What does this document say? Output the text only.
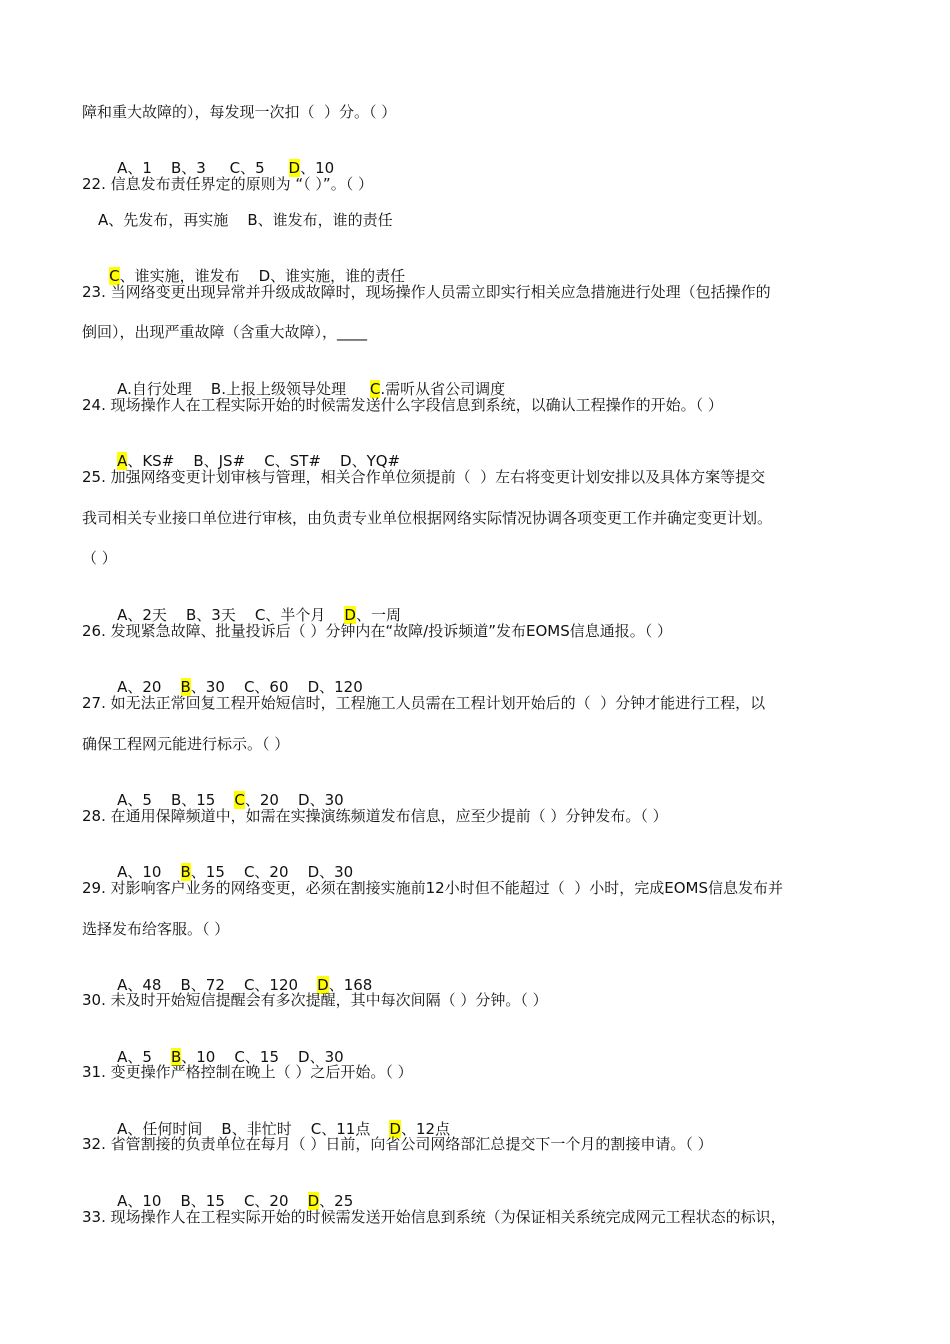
障和重大故障的），每发现一次扣（  ）分。（ ）

A、1    B、3     C、5     D、10

22. 信息发布责任界定的原则为 “（ ）”。（ ）
A、先发布，再实施    B、谁发布，谁的责任

C、谁实施，谁发布    D、谁实施，谁的责任

23. 当网络变更出现异常并升级成故障时，现场操作人员需立即实行相关应急措施进行处理（包括操作的
倒回），出现严重故障（含重大故障），____

A.自行处理    B.上报上级领导处理     C.需听从省公司调度

24. 现场操作人在工程实际开始的时候需发送什么字段信息到系统，以确认工程操作的开始。（ ）

A、KS#    B、JS#    C、ST#    D、YQ#

25. 加强网络变更计划审核与管理，相关合作单位须提前（  ）左右将变更计划安排以及具体方案等提交
我司相关专业接口单位进行审核，由负责专业单位根据网络实际情况协调各项变更工作并确定变更计划。
（ ）

A、2天    B、3天    C、半个月    D、一周

26. 发现紧急故障、批量投诉后（ ）分钟内在“故障/投诉频道”发布EOMS信息通报。（ ）

A、20    B、30    C、60    D、120

27. 如无法正常回复工程开始短信时，工程施工人员需在工程计划开始后的（  ）分钟才能进行工程，以
确保工程网元能进行标示。（ ）

A、5    B、15    C、20    D、30

28. 在通用保障频道中，如需在实操演练频道发布信息，应至少提前（ ）分钟发布。（ ）

A、10    B、15    C、20    D、30

29. 对影响客户业务的网络变更，必须在割接实施前12小时但不能超过（  ）小时，完成EOMS信息发布并
选择发布给客服。（ ）

A、48    B、72    C、120    D、168

30. 未及时开始短信提醒会有多次提醒，其中每次间隔（ ）分钟。（ ）

A、5    B、10    C、15    D、30

31. 变更操作严格控制在晚上（ ）之后开始。（ ）

A、任何时间    B、非忙时    C、11点    D、12点

32. 省管割接的负责单位在每月（ ）日前，向省公司网络部汇总提交下一个月的割接申请。（ ）

A、10    B、15    C、20    D、25

33. 现场操作人在工程实际开始的时候需发送开始信息到系统（为保证相关系统完成网元工程状态的标识，
